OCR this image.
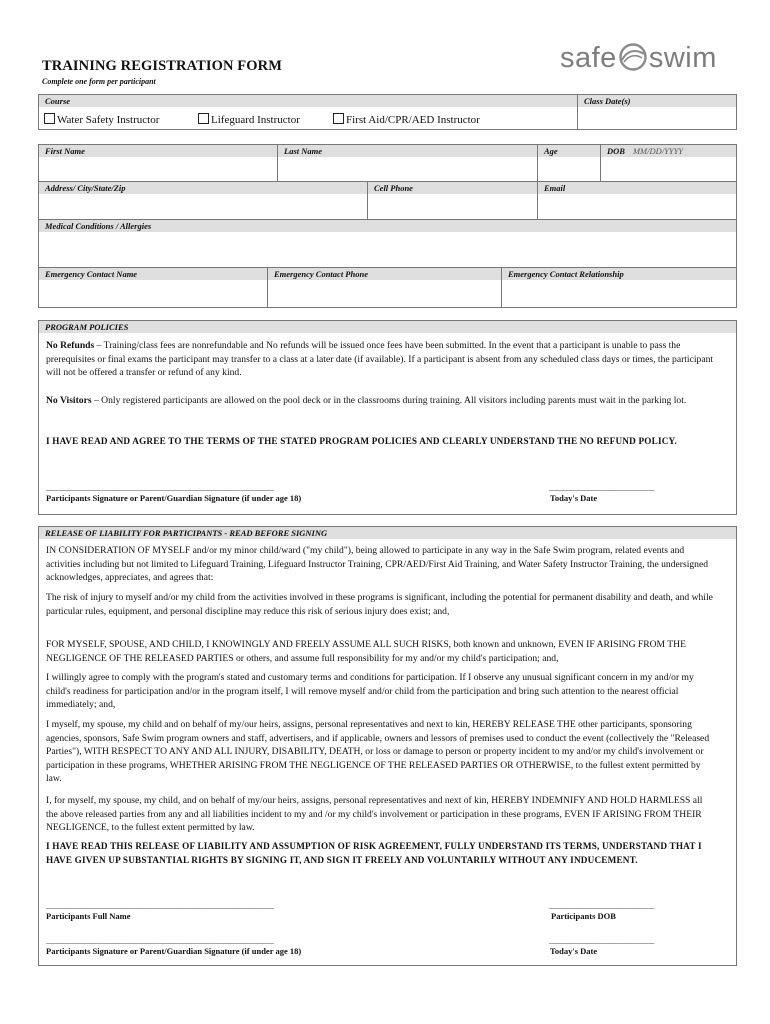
TRAINING REGISTRATION FORM
Complete one form per participant
safe swim
Course	Class Date(s)
Water Safety Instructor	Lifeguard Instructor	First Aid/CPR/AED Instructor
First Name	Last Name	Age	DOB MM/DD/YYYY
Address/ City/State/Zip	Cell Phone	Email
Medical Conditions / Allergies
Emergency Contact Name	Emergency Contact Phone	Emergency Contact Relationship
PROGRAM POLICIES
No Refunds – Training/class fees are nonrefundable and No refunds will be issued once fees have been submitted. In the event that a participant is unable to pass the prerequisites or final exams the participant may transfer to a class at a later date (if available). If a participant is absent from any scheduled class days or times, the participant will not be offered a transfer or refund of any kind.
No Visitors – Only registered participants are allowed on the pool deck or in the classrooms during training. All visitors including parents must wait in the parking lot.
I HAVE READ AND AGREE TO THE TERMS OF THE STATED PROGRAM POLICIES AND CLEARLY UNDERSTAND THE NO REFUND POLICY.
_________________________________________________________________
Participants Signature or Parent/Guardian Signature (if under age 18)
______________________________
Today's Date
RELEASE OF LIABILITY FOR PARTICIPANTS - READ BEFORE SIGNING
IN CONSIDERATION OF MYSELF and/or my minor child/ward ("my child"), being allowed to participate in any way in the Safe Swim program, related events and activities including but not limited to Lifeguard Training, Lifeguard Instructor Training, CPR/AED/First Aid Training, and Water Safety Instructor Training, the undersigned acknowledges, appreciates, and agrees that:
The risk of injury to myself and/or my child from the activities involved in these programs is significant, including the potential for permanent disability and death, and while particular rules, equipment, and personal discipline may reduce this risk of serious injury does exist; and,
FOR MYSELF, SPOUSE, AND CHILD, I KNOWINGLY AND FREELY ASSUME ALL SUCH RISKS, both known and unknown, EVEN IF ARISING FROM THE NEGLIGENCE OF THE RELEASED PARTIES or others, and assume full responsibility for my and/or my child's participation; and,
I willingly agree to comply with the program's stated and customary terms and conditions for participation. If I observe any unusual significant concern in my and/or my child's readiness for participation and/or in the program itself, I will remove myself and/or child from the participation and bring such attention to the nearest official immediately; and,
I myself, my spouse, my child and on behalf of my/our heirs, assigns, personal representatives and next to kin, HEREBY RELEASE THE other participants, sponsoring agencies, sponsors, Safe Swim program owners and staff, advertisers, and if applicable, owners and lessors of premises used to conduct the event (collectively the "Released Parties"), WITH RESPECT TO ANY AND ALL INJURY, DISABILITY, DEATH, or loss or damage to person or property incident to my and/or my child's involvement or participation in these programs, WHETHER ARISING FROM THE NEGLIGENCE OF THE RELEASED PARTIES OR OTHERWISE, to the fullest extent permitted by law.
I, for myself, my spouse, my child, and on behalf of my/our heirs, assigns, personal representatives and next of kin, HEREBY INDEMNIFY AND HOLD HARMLESS all the above released parties from any and all liabilities incident to my and /or my child's involvement or participation in these programs, EVEN IF ARISING FROM THEIR NEGLIGENCE, to the fullest extent permitted by law.
I HAVE READ THIS RELEASE OF LIABILITY AND ASSUMPTION OF RISK AGREEMENT, FULLY UNDERSTAND ITS TERMS, UNDERSTAND THAT I HAVE GIVEN UP SUBSTANTIAL RIGHTS BY SIGNING IT, AND SIGN IT FREELY AND VOLUNTARILY WITHOUT ANY INDUCEMENT.
_________________________________________________________________
Participants Full Name
______________________________
Participants DOB
_________________________________________________________________
Participants Signature or Parent/Guardian Signature (if under age 18)
______________________________
Today's Date
